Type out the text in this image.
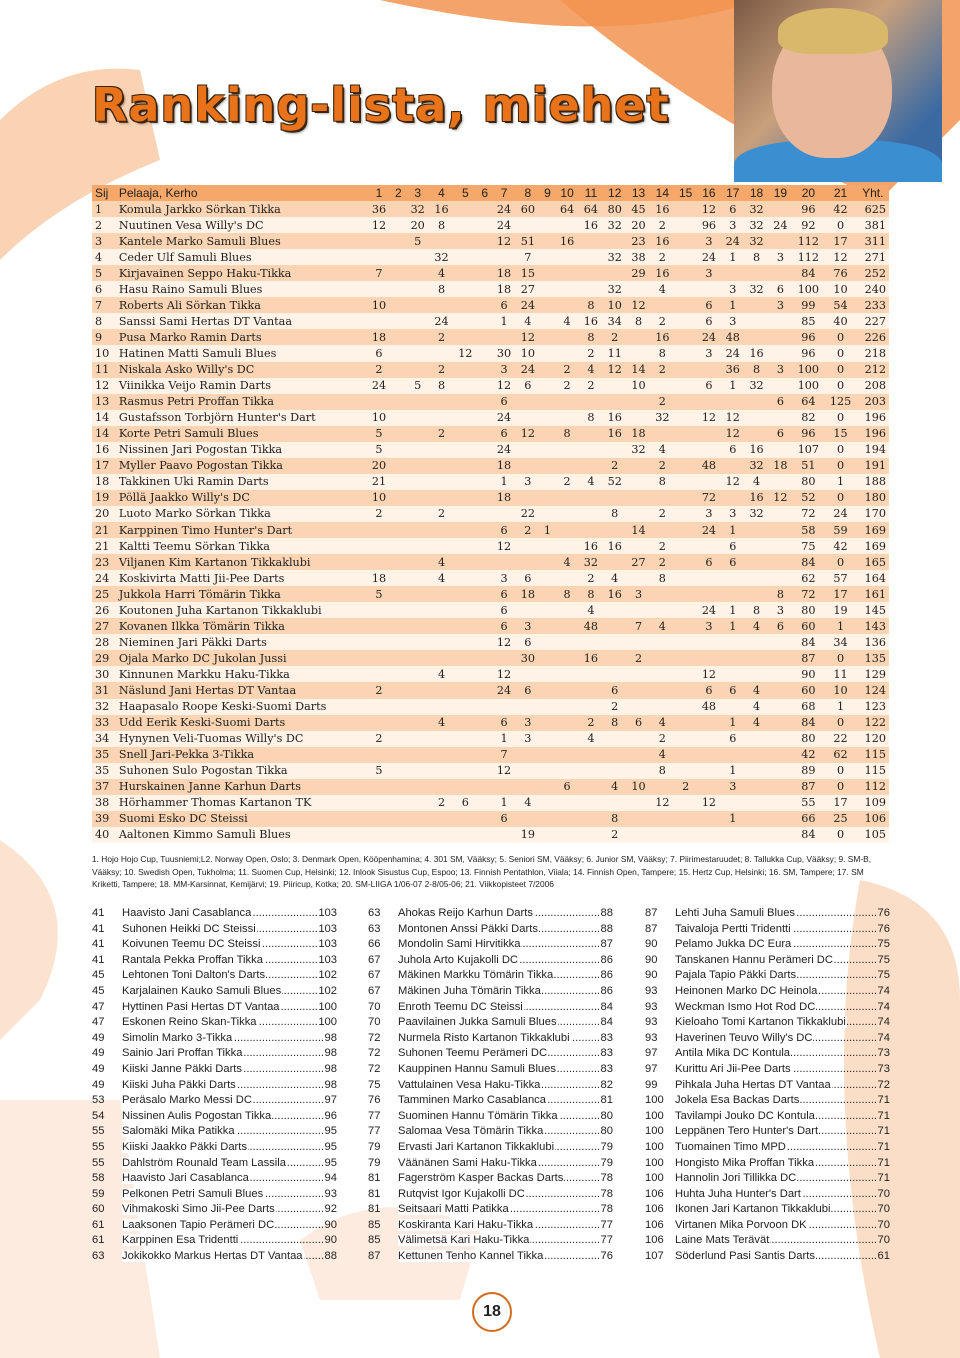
Ranking-lista, miehet
Sij	Pelaaja, Kerho	1	2	3	4	5	6	7	8	9	10	11	12	13	14	15	16	17	18	19	20	21	Yht.
1	Komula Jarkko Sörkan Tikka	36		32	16			24	60		64	64	80	45	16		12	6	32		96	42	625
2	Nuutinen Vesa Willy's DC	12		20	8			24				16	32	20	2		96	3	32	24	92	0	381
3	Kantele Marko Samuli Blues			5				12	51		16			23	16		3	24	32		112	17	311
4	Ceder Ulf Samuli Blues				32				7				32	38	2		24	1	8	3	112	12	271
5	Kirjavainen Seppo Haku-Tikka	7			4			18	15					29	16		3				84	76	252
6	Hasu Raino Samuli Blues				8			18	27				32		4			3	32	6	100	10	240
7	Roberts Ali Sörkan Tikka	10						6	24			8	10	12			6	1		3	99	54	233
8	Sanssi Sami Hertas DT Vantaa				24			1	4		4	16	34	8	2		6	3			85	40	227
9	Pusa Marko Ramin Darts	18			2				12			8	2		16		24	48			96	0	226
10	Hatinen Matti Samuli Blues	6				12		30	10			2	11		8		3	24	16		96	0	218
11	Niskala Asko Willy's DC	2			2			3	24		2	4	12	14	2			36	8	3	100	0	212
12	Viinikka Veijo Ramin Darts	24		5	8			12	6		2	2		10			6	1	32		100	0	208
13	Rasmus Petri Proffan Tikka							6							2					6	64	125	203
14	Gustafsson Torbjörn Hunter's Dart	10						24				8	16		32		12	12			82	0	196
14	Korte Petri Samuli Blues	5			2			6	12		8		16	18				12		6	96	15	196
16	Nissinen Jari Pogostan Tikka	5						24						32	4			6	16		107	0	194
17	Myller Paavo Pogostan Tikka	20						18					2		2		48		32	18	51	0	191
18	Takkinen Uki Ramin Darts	21						1	3		2	4	52		8			12	4		80	1	188
19	Pöllä Jaakko Willy's DC	10						18									72		16	12	52	0	180
20	Luoto Marko Sörkan Tikka	2			2				22				8		2		3	3	32		72	24	170
21	Karppinen Timo Hunter's Dart							6	2	1				14			24	1			58	59	169
21	Kaltti Teemu Sörkan Tikka							12				16	16		2			6			75	42	169
23	Viljanen Kim Kartanon Tikkaklubi				4						4	32		27	2		6	6			84	0	165
24	Koskivirta Matti Jii-Pee Darts	18			4			3	6			2	4		8						62	57	164
25	Jukkola Harri Tömärin Tikka	5						6	18		8	8	16	3						8	72	17	161
26	Koutonen Juha Kartanon Tikkaklubi							6				4					24	1	8	3	80	19	145
27	Kovanen Ilkka Tömärin Tikka							6	3			48		7	4		3	1	4	6	60	1	143
28	Nieminen Jari Päkki Darts							12	6												84	34	136
29	Ojala Marko DC Jukolan Jussi								30			16		2							87	0	135
30	Kinnunen Markku Haku-Tikka				4			12									12				90	11	129
31	Näslund Jani Hertas DT Vantaa	2						24	6				6				6	6	4		60	10	124
32	Haapasalo Roope Keski-Suomi Darts												2				48		4		68	1	123
33	Udd Eerik Keski-Suomi Darts				4			6	3			2	8	6	4			1	4		84	0	122
34	Hynynen Veli-Tuomas Willy's DC	2						1	3			4			2			6			80	22	120
35	Snell Jari-Pekka 3-Tikka							7							4						42	62	115
35	Suhonen Sulo Pogostan Tikka	5						12							8			1			89	0	115
37	Hurskainen Janne Karhun Darts										6		4	10		2		3			87	0	112
38	Hörhammer Thomas Kartanon TK				2	6		1	4						12		12				55	17	109
39	Suomi Esko DC Steissi							6					8					1			66	25	106
40	Aaltonen Kimmo Samuli Blues								19				2								84	0	105
1. Hojo Hojo Cup, Tuusniemi;L2. Norway Open, Oslo; 3. Denmark Open, Kööpenhamina; 4. 301 SM, Vääksy; 5. Seniori SM, Vääksy; 6. Junior SM, Vääksy; 7. Piirimestaruudet; 8. Tallukka Cup, Vääksy; 9. SM-B, Vääksy; 10. Swedish Open, Tukholma; 11. Suomen Cup, Helsinki; 12. Inlook Sisustus Cup, Espoo; 13. Finnish Pentathlon, Viiala; 14. Finnish Open, Tampere; 15. Hertz Cup, Helsinki; 16. SM, Tampere; 17. SM Kriketti, Tampere; 18. MM-Karsinnat, Kemijärvi; 19. Piiricup, Kotka; 20. SM-LIIGA 1/06-07 2-8/05-06; 21. Viikkopisteet 7/2006
41	Haavisto Jani Casablanca .....	103
41	Suhonen Heikki DC Steissi .....	103
41	Koivunen Teemu DC Steissi .....	103
41	Rantala Pekka Proffan Tikka .....	103
45	Lehtonen Toni Dalton's Darts .....	102
45	Karjalainen Kauko Samuli Blues .....	102
47	Hyttinen Pasi Hertas DT Vantaa .....	100
47	Eskonen Reino Skan-Tikka .....	100
49	Simolin Marko 3-Tikka .....	98
49	Sainio Jari Proffan Tikka .....	98
49	Kiiski Janne Päkki Darts .....	98
49	Kiiski Juha Päkki Darts .....	98
53	Peräsalo Marko Messi DC .....	97
54	Nissinen Aulis Pogostan Tikka .....	96
55	Salomäki Mika Patikka .....	95
55	Kiiski Jaakko Päkki Darts .....	95
55	Dahlström Rounald Team Lassila .....	95
58	Haavisto Jari Casablanca .....	94
59	Pelkonen Petri Samuli Blues .....	93
60	Vihmakoski Simo Jii-Pee Darts .....	92
61	Laaksonen Tapio Perämeri DC .....	90
61	Karppinen Esa Tridentti .....	90
63	Jokikokko Markus Hertas DT Vantaa .....	88
63	Ahokas Reijo Karhun Darts .....	88
63	Montonen Anssi Päkki Darts .....	88
66	Mondolin Sami Hirvitikka .....	87
67	Juhola Arto Kujakolli DC .....	86
67	Mäkinen Markku Tömärin Tikka .....	86
67	Mäkinen Juha Tömärin Tikka .....	86
70	Enroth Teemu DC Steissi .....	84
70	Paavilainen Jukka Samuli Blues .....	84
72	Nurmela Risto Kartanon Tikkaklubi .....	83
72	Suhonen Teemu Perämeri DC .....	83
72	Kauppinen Hannu Samuli Blues .....	83
75	Vattulainen Vesa Haku-Tikka .....	82
76	Tamminen Marko Casablanca .....	81
77	Suominen Hannu Tömärin Tikka .....	80
77	Salomaa Vesa Tömärin Tikka .....	80
79	Ervasti Jari Kartanon Tikkaklubi .....	79
79	Väänänen Sami Haku-Tikka .....	79
81	Fagerström Kasper Backas Darts .....	78
81	Rutqvist Igor Kujakolli DC .....	78
81	Seitsaari Matti Patikka .....	78
85	Koskiranta Kari Haku-Tikka .....	77
85	Välimetsä Kari Haku-Tikka .....	77
87	Kettunen Tenho Kannel Tikka .....	76
87	Lehti Juha Samuli Blues .....	76
87	Taivaloja Pertti Tridentti .....	76
90	Pelamo Jukka DC Eura .....	75
90	Tanskanen Hannu Perämeri DC .....	75
90	Pajala Tapio Päkki Darts .....	75
93	Heinonen Marko DC Heinola .....	74
93	Weckman Ismo Hot Rod DC .....	74
93	Kieloaho Tomi Kartanon Tikkaklubi .....	74
93	Haverinen Teuvo Willy's DC .....	74
97	Antila Mika DC Kontula .....	73
97	Kurittu Ari Jii-Pee Darts .....	73
99	Pihkala Juha Hertas DT Vantaa .....	72
100	Jokela Esa Backas Darts .....	71
100	Tavilampi Jouko DC Kontula .....	71
100	Leppänen Tero Hunter's Dart .....	71
100	Tuomainen Timo MPD .....	71
100	Hongisto Mika Proffan Tikka .....	71
100	Hannolin Jori Tillikka DC .....	71
106	Huhta Juha Hunter's Dart .....	70
106	Ikonen Jari Kartanon Tikkaklubi .....	70
106	Virtanen Mika Porvoon DK .....	70
106	Laine Mats Terävät .....	70
107	Söderlund Pasi Santis Darts .....	61
18
